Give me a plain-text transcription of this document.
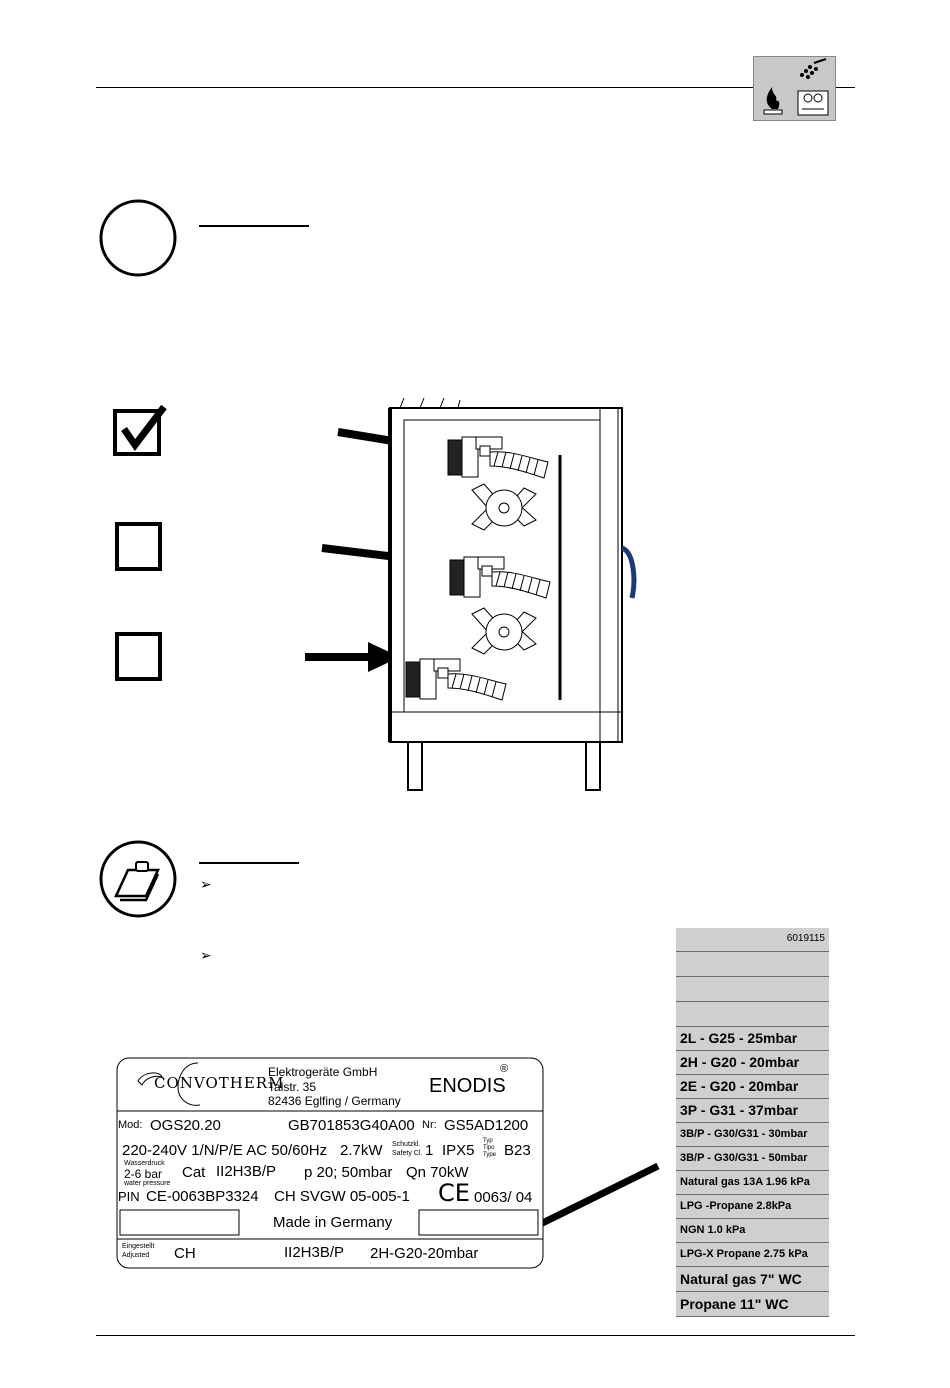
➢
➢
6019115
2L - G25 - 25mbar
2H - G20 - 20mbar
2E - G20 - 20mbar
3P - G31 - 37mbar
3B/P - G30/G31 - 30mbar
3B/P - G30/G31 - 50mbar
Natural gas 13A 1.96 kPa
LPG -Propane 2.8kPa
NGN 1.0 kPa
LPG-X Propane 2.75 kPa
Natural gas 7" WC
Propane 11" WC
CONVOTHERM
Elektrogeräte GmbH
Talstr. 35
82436 Eglfing / Germany
ENODIS
®
Mod: OGS20.20	GB701853G40A00 Nr: GS5AD1200
220-240V 1/N/P/E AC 50/60Hz 2.7kW Schutzkl.
Safety Cl. 1 IPX5
Typ
Tipo
Type B23
Wasserdruck
2-6 bar
water pressure
Cat II2H3B/P p 20; 50mbar Qn 70kW
PIN CE-0063BP3324 CH SVGW 05-005-1 CE 0063/ 04
Made in Germany
Eingestellt
Adjusted CH	II2H3B/P 2H-G20-20mbar
